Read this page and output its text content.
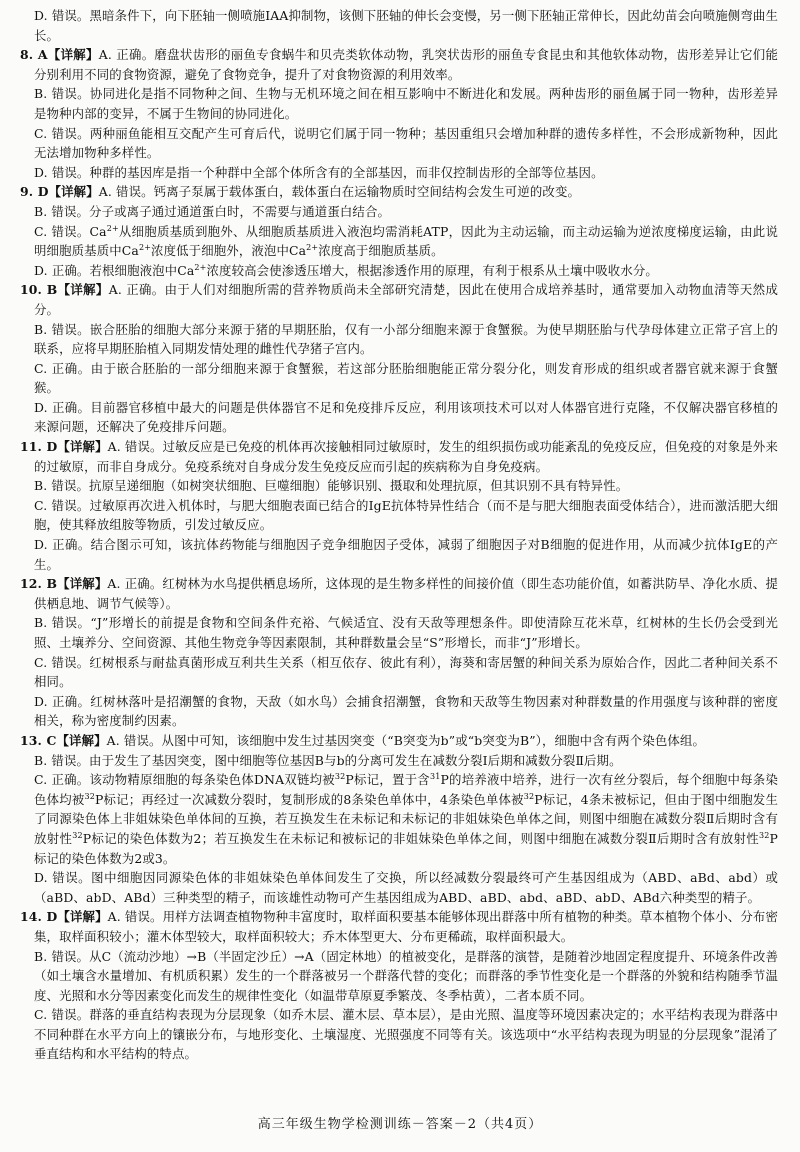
D. 错误。黑暗条件下，向下胚轴一侧喷施IAA抑制物，该侧下胚轴的伸长会变慢，另一侧下胚轴正常伸长，因此幼苗会向喷施侧弯曲生长。

8. A【详解】A. 正确。磨盘状齿形的丽鱼专食蜗牛和贝壳类软体动物，乳突状齿形的丽鱼专食昆虫和其他软体动物，齿形差异让它们能分别利用不同的食物资源，避免了食物竞争，提升了对食物资源的利用效率。

B. 错误。协同进化是指不同物种之间、生物与无机环境之间在相互影响中不断进化和发展。两种齿形的丽鱼属于同一物种，齿形差异是物种内部的变异，不属于生物间的协同进化。

C. 错误。两种丽鱼能相互交配产生可育后代，说明它们属于同一物种；基因重组只会增加种群的遗传多样性，不会形成新物种，因此无法增加物种多样性。

D. 错误。种群的基因库是指一个种群中全部个体所含有的全部基因，而非仅控制齿形的全部等位基因。

9. D【详解】A. 错误。钙离子泵属于载体蛋白，载体蛋白在运输物质时空间结构会发生可逆的改变。

B. 错误。分子或离子通过通道蛋白时，不需要与通道蛋白结合。

C. 错误。$Ca^{2+}$从细胞质基质到胞外、从细胞质基质进入液泡均需消耗ATP，因此为主动运输，而主动运输为逆浓度梯度运输，由此说明细胞质基质中$Ca^{2+}$浓度低于细胞外，液泡中$Ca^{2+}$浓度高于细胞质基质。

D. 正确。若根细胞液泡中$Ca^{2+}$浓度较高会使渗透压增大，根据渗透作用的原理，有利于根系从土壤中吸收水分。

10. B【详解】A. 正确。由于人们对细胞所需的营养物质尚未全部研究清楚，因此在使用合成培养基时，通常要加入动物血清等天然成分。

B. 错误。嵌合胚胎的细胞大部分来源于猪的早期胚胎，仅有一小部分细胞来源于食蟹猴。为使早期胚胎与代孕母体建立正常子宫上的联系，应将早期胚胎植入同期发情处理的雌性代孕猪子宫内。

C. 正确。由于嵌合胚胎的一部分细胞来源于食蟹猴，若这部分胚胎细胞能正常分裂分化，则发育形成的组织或者器官就来源于食蟹猴。

D. 正确。目前器官移植中最大的问题是供体器官不足和免疫排斥反应，利用该项技术可以对人体器官进行克隆，不仅解决器官移植的来源问题，还解决了免疫排斥问题。

11. D【详解】A. 错误。过敏反应是已免疫的机体再次接触相同过敏原时，发生的组织损伤或功能紊乱的免疫反应，但免疫的对象是外来的过敏原，而非自身成分。免疫系统对自身成分发生免疫反应而引起的疾病称为自身免疫病。

B. 错误。抗原呈递细胞（如树突状细胞、巨噬细胞）能够识别、摄取和处理抗原，但其识别不具有特异性。

C. 错误。过敏原再次进入机体时，与肥大细胞表面已结合的IgE抗体特异性结合（而不是与肥大细胞表面受体结合），进而激活肥大细胞，使其释放组胺等物质，引发过敏反应。

D. 正确。结合图示可知，该抗体药物能与细胞因子竞争细胞因子受体，减弱了细胞因子对B细胞的促进作用，从而减少抗体IgE的产生。

12. B【详解】A. 正确。红树林为水鸟提供栖息场所，这体现的是生物多样性的间接价值（即生态功能价值，如蓄洪防旱、净化水质、提供栖息地、调节气候等）。

B. 错误。“J”形增长的前提是食物和空间条件充裕、气候适宜、没有天敌等理想条件。即使清除互花米草，红树林的生长仍会受到光照、土壤养分、空间资源、其他生物竞争等因素限制，其种群数量会呈“S”形增长，而非“J”形增长。

C. 错误。红树根系与耐盐真菌形成互利共生关系（相互依存、彼此有利），海葵和寄居蟹的种间关系为原始合作，因此二者种间关系不相同。

D. 正确。红树林落叶是招潮蟹的食物，天敌（如水鸟）会捕食招潮蟹，食物和天敌等生物因素对种群数量的作用强度与该种群的密度相关，称为密度制约因素。

13. C【详解】A. 错误。从图中可知，该细胞中发生过基因突变（“B突变为b”或“b突变为B”），细胞中含有两个染色体组。

B. 错误。由于发生了基因突变，图中细胞等位基因B与b的分离可发生在减数分裂Ⅰ后期和减数分裂Ⅱ后期。

C. 正确。该动物精原细胞的每条染色体DNA双链均被$^{32}$P标记，置于含$^{31}$P的培养液中培养，进行一次有丝分裂后，每个细胞中每条染色体均被$^{32}$P标记；再经过一次减数分裂时，复制形成的8条染色单体中，4条染色单体被$^{32}$P标记，4条未被标记，但由于图中细胞发生了同源染色体上非姐妹染色单体间的互换，若互换发生在未标记和未标记的非姐妹染色单体之间，则图中细胞在减数分裂Ⅱ后期时含有放射性$^{32}$P标记的染色体数为2；若互换发生在未标记和被标记的非姐妹染色单体之间，则图中细胞在减数分裂Ⅱ后期时含有放射性$^{32}$P标记的染色体数为2或3。

D. 错误。图中细胞因同源染色体的非姐妹染色单体间发生了交换，所以经减数分裂最终可产生基因组成为（ABD、aBd、abd）或（aBD、abD、ABd）三种类型的精子，而该雄性动物可产生基因组成为ABD、aBD、abd、aBD、abD、ABd六种类型的精子。

14. D【详解】A. 错误。用样方法调查植物物种丰富度时，取样面积要基本能够体现出群落中所有植物的种类。草本植物个体小、分布密集，取样面积较小；灌木体型较大，取样面积较大；乔木体型更大、分布更稀疏，取样面积最大。

B. 错误。从C（流动沙地）→B（半固定沙丘）→A（固定林地）的植被变化，是群落的演替，是随着沙地固定程度提升、环境条件改善（如土壤含水量增加、有机质积累）发生的一个群落被另一个群落代替的变化；而群落的季节性变化是一个群落的外貌和结构随季节温度、光照和水分等因素变化而发生的规律性变化（如温带草原夏季繁茂、冬季枯黄），二者本质不同。

C. 错误。群落的垂直结构表现为分层现象（如乔木层、灌木层、草本层），是由光照、温度等环境因素决定的；水平结构表现为群落中不同种群在水平方向上的镶嵌分布，与地形变化、土壤湿度、光照强度不同等有关。该选项中“水平结构表现为明显的分层现象”混淆了垂直结构和水平结构的特点。

高三年级生物学检测训练－答案－2（共4页）
